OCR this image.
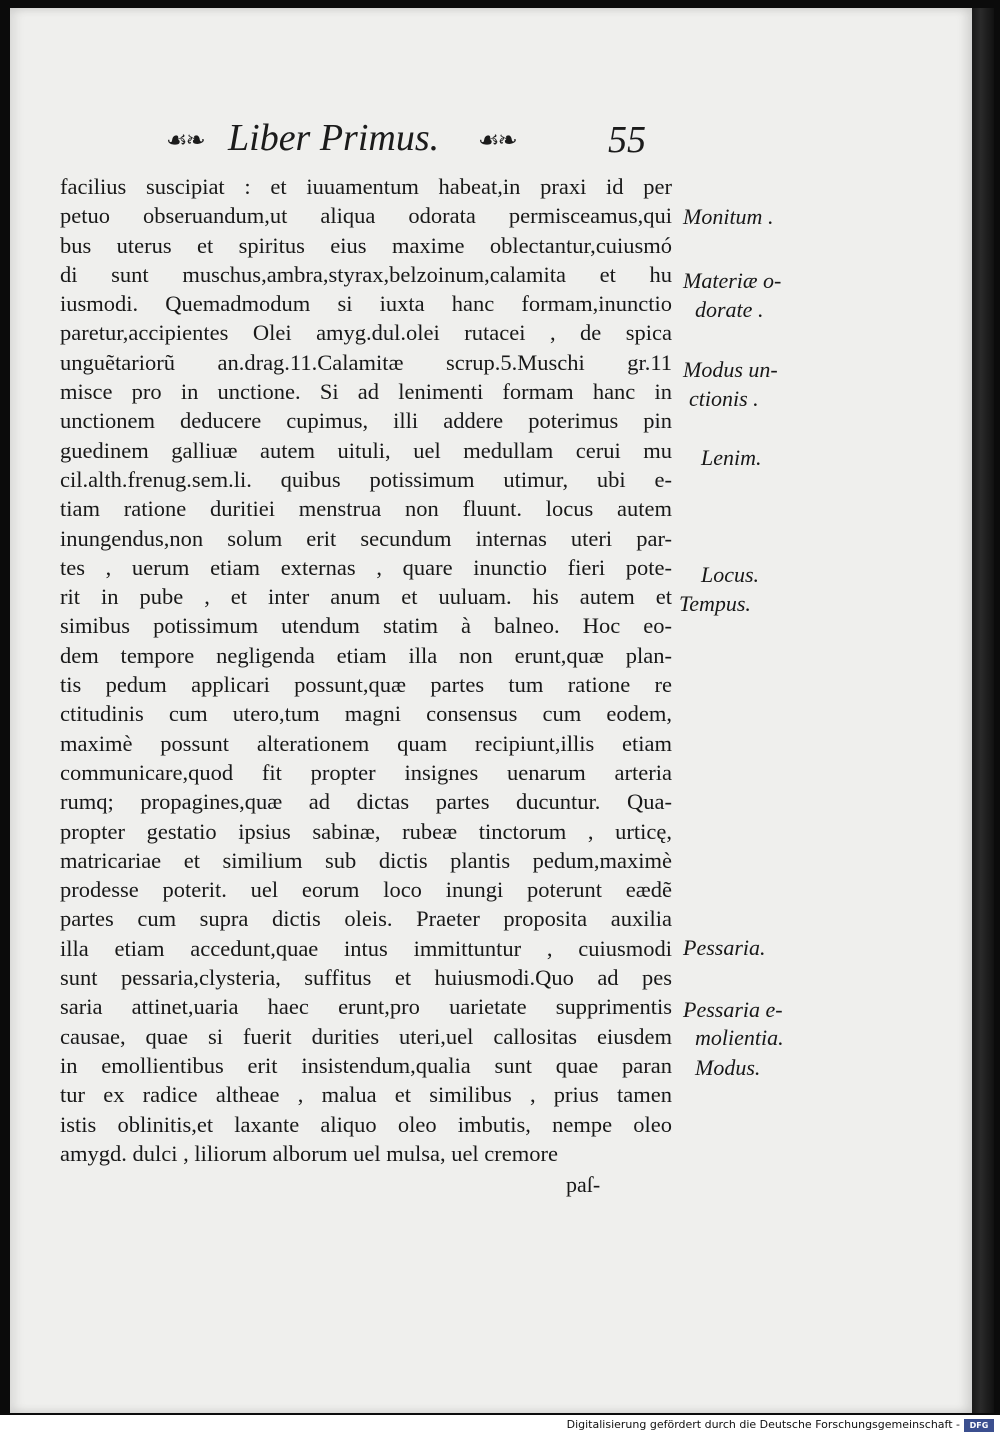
☙❧ Liber Primus. ☙❧ 55
facilius suscipiat : et iuuamentum habeat,in praxi id per
petuo obseruandum,ut aliqua odorata permisceamus,qui
bus uterus et spiritus eius maxime oblectantur,cuiusmó
di sunt muschus,ambra,styrax,belzoinum,calamita et hu
iusmodi. Quemadmodum si iuxta hanc formam,inunctio
paretur,accipientes Olei amyg.dul.olei rutacei , de spica
unguẽtariorũ an.drag.11.Calamitæ scrup.5.Muschi gr.11
misce pro in unctione. Si ad lenimenti formam hanc in
unctionem deducere cupimus, illi addere poterimus pin
guedinem galliuæ autem uituli, uel medullam cerui mu
cil.alth.frenug.sem.li. quibus potissimum utimur, ubi e-
tiam ratione duritiei menstrua non fluunt. locus autem
inungendus,non solum erit secundum internas uteri par-
tes , uerum etiam externas , quare inunctio fieri pote-
rit in pube , et inter anum et uuluam. his autem et
simibus potissimum utendum statim à balneo. Hoc eo-
dem tempore negligenda etiam illa non erunt,quæ plan-
tis pedum applicari possunt,quæ partes tum ratione re
ctitudinis cum utero,tum magni consensus cum eodem,
maximè possunt alterationem quam recipiunt,illis etiam
communicare,quod fit propter insignes uenarum arteria
rumq; propagines,quæ ad dictas partes ducuntur. Qua-
propter gestatio ipsius sabinæ, rubeæ tinctorum , urticę,
matricariae et similium sub dictis plantis pedum,maximè
prodesse poterit. uel eorum loco inungi poterunt eædẽ
partes cum supra dictis oleis. Praeter proposita auxilia
illa etiam accedunt,quae intus immittuntur , cuiusmodi
sunt pessaria,clysteria, suffitus et huiusmodi.Quo ad pes
saria attinet,uaria haec erunt,pro uarietate supprimentis
causae, quae si fuerit durities uteri,uel callositas eiusdem
in emollientibus erit insistendum,qualia sunt quae paran
tur ex radice altheae , malua et similibus , prius tamen
istis oblinitis,et laxante aliquo oleo imbutis, nempe oleo
amygd. dulci , liliorum alborum uel mulsa, uel cremore
paſ-
Monitum .
Materiæ o-
dorate .
Modus un-
ctionis .
Lenim.
Locus.
Tempus.
Pessaria.
Pessaria e-
molientia.
Modus.
Digitalisierung gefördert durch die Deutsche Forschungsgemeinschaft -	DFG
